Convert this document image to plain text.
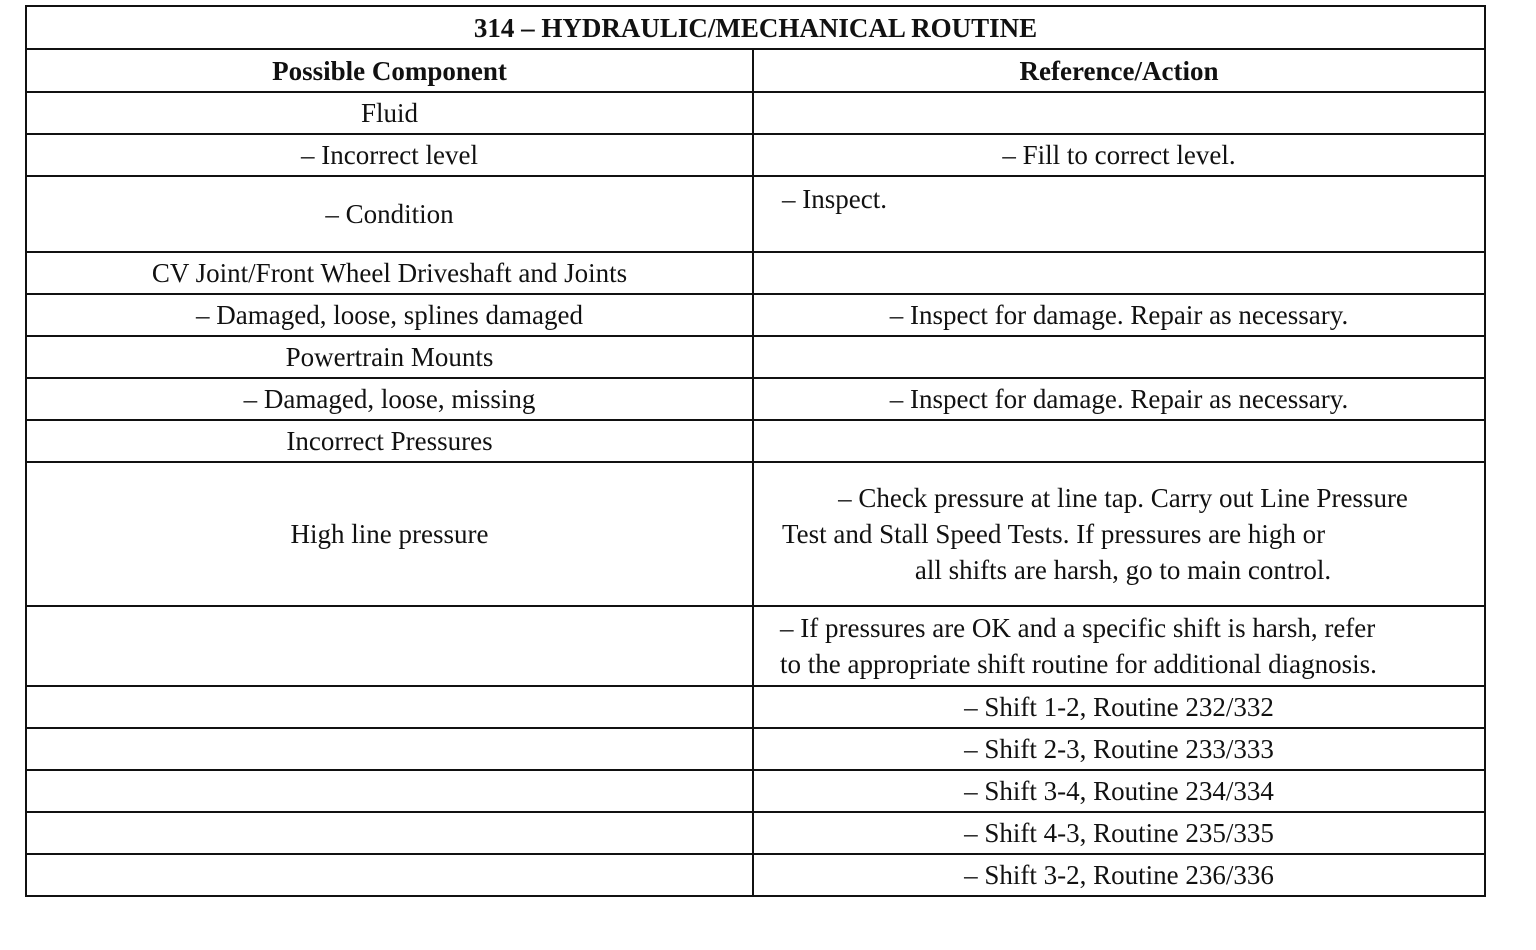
314 – HYDRAULIC/MECHANICAL ROUTINE	
Possible Component	Reference/Action
Fluid	
– Incorrect level	– Fill to correct level.
– Condition	– Inspect.
CV Joint/Front Wheel Driveshaft and Joints	
– Damaged, loose, splines damaged	– Inspect for damage. Repair as necessary.
Powertrain Mounts	
– Damaged, loose, missing	– Inspect for damage. Repair as necessary.
Incorrect Pressures	
High line pressure	– Check pressure at line tap. Carry out Line Pressure
Test and Stall Speed Tests. If pressures are high or
all shifts are harsh, go to main control.

	– If pressures are OK and a specific shift is harsh, refer
to the appropriate shift routine for additional diagnosis.

	– Shift 1-2, Routine 232/332
	– Shift 2-3, Routine 233/333
	– Shift 3-4, Routine 234/334
	– Shift 4-3, Routine 235/335
	– Shift 3-2, Routine 236/336
